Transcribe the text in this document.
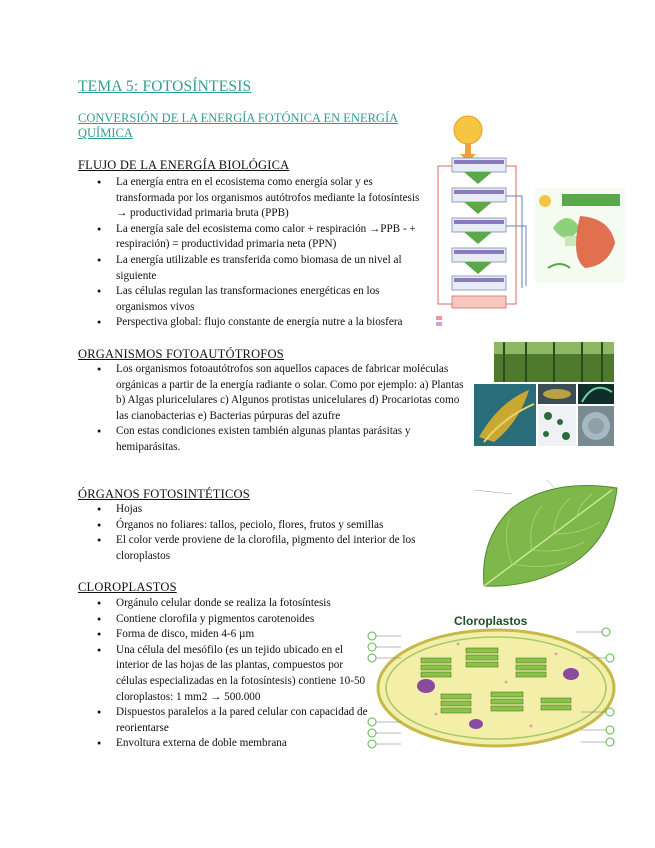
TEMA 5: FOTOSÍNTESIS
CONVERSIÓN DE LA ENERGÍA FOTÓNICA EN ENERGÍA QUÍMICA
FLUJO DE LA ENERGÍA BIOLÓGICA
● La energía entra en el ecosistema como energía solar y es transformada por los organismos autótrofos mediante la fotosíntesis → productividad primaria bruta (PPB)
● La energía sale del ecosistema como calor + respiración →PPB - + respiración) = productividad primaria neta (PPN)
● La energía utilizable es transferida como biomasa de un nivel al siguiente
● Las células regulan las transformaciones energéticas en los organismos vivos
● Perspectiva global: flujo constante de energía nutre a la biosfera
ORGANISMOS FOTOAUTÓTROFOS
● Los organismos fotoautótrofos son aquellos capaces de fabricar moléculas orgánicas a partir de la energía radiante o solar. Como por ejemplo: a) Plantas b) Algas pluricelulares c) Algunos protistas unicelulares d) Procariotas como las cianobacterias e) Bacterias púrpuras del azufre
● Con estas condiciones existen también algunas plantas parásitas y hemiparásitas.
ÓRGANOS FOTOSINTÉTICOS
● Hojas
● Órganos no foliares: tallos, peciolo, flores, frutos y semillas
● El color verde proviene de la clorofila, pigmento del interior de los cloroplastos
CLOROPLASTOS
● Orgánulo celular donde se realiza la fotosíntesis
● Contiene clorofila y pigmentos carotenoides
● Forma de disco, miden 4-6 µm
● Una célula del mesófilo (es un tejido ubicado en el interior de las hojas de las plantas, compuestos por células especializadas en la fotosíntesis) contiene 10-50 cloroplastos: 1 mm2 → 500.000
● Dispuestos paralelos a la pared celular con capacidad de reorientarse
● Envoltura externa de doble membrana
Cloroplastos
